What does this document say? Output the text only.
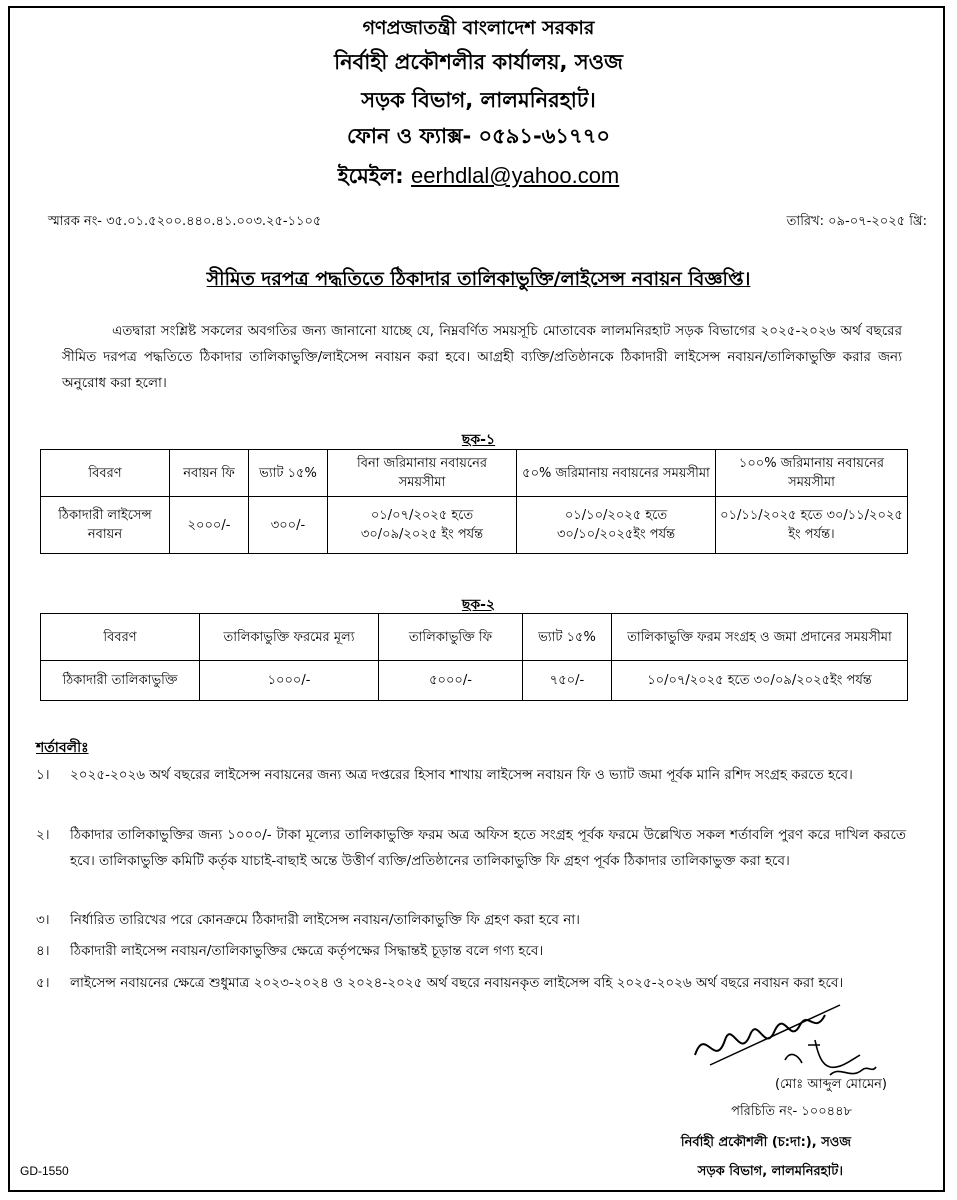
গণপ্রজাতন্ত্রী বাংলাদেশ সরকার
নির্বাহী প্রকৌশলীর কার্যালয়, সওজ
সড়ক বিভাগ, লালমনিরহাট।
ফোন ও ফ্যাক্স- ০৫৯১-৬১৭৭০
ইমেইল: eerhdlal@yahoo.com
স্মারক নং- ৩৫.০১.৫২০০.৪৪০.৪১.০০৩.২৫-১১০৫	তারিখ: ০৯-০৭-২০২৫ খ্রি:
সীমিত দরপত্র পদ্ধতিতে ঠিকাদার তালিকাভুক্তি/লাইসেন্স নবায়ন বিজ্ঞপ্তি।
এতদ্বারা সংশ্লিষ্ট সকলের অবগতির জন্য জানানো যাচ্ছে যে, নিম্নবর্ণিত সময়সূচি মোতাবেক লালমনিরহাট সড়ক বিভাগের ২০২৫-২০২৬ অর্থ বছরের সীমিত দরপত্র পদ্ধতিতে ঠিকাদার তালিকাভুক্তি/লাইসেন্স নবায়ন করা হবে। আগ্রহী ব্যক্তি/প্রতিষ্ঠানকে ঠিকাদারী লাইসেন্স নবায়ন/তালিকাভুক্তি করার জন্য অনুরোধ করা হলো।
ছক-১
বিবরণ	নবায়ন ফি	ভ্যাট ১৫%	বিনা জরিমানায় নবায়নের সময়সীমা	৫০% জরিমানায় নবায়নের সময়সীমা	১০০% জরিমানায় নবায়নের সময়সীমা
ঠিকাদারী লাইসেন্স নবায়ন	২০০০/-	৩০০/-	০১/০৭/২০২৫ হতে ৩০/০৯/২০২৫ ইং পর্যন্ত	০১/১০/২০২৫ হতে ৩০/১০/২০২৫ইং পর্যন্ত	০১/১১/২০২৫ হতে ৩০/১১/২০২৫ ইং পর্যন্ত।
ছক-২
বিবরণ	তালিকাভুক্তি ফরমের মূল্য	তালিকাভুক্তি ফি	ভ্যাট ১৫%	তালিকাভুক্তি ফরম সংগ্রহ ও জমা প্রদানের সময়সীমা
ঠিকাদারী তালিকাভুক্তি	১০০০/-	৫০০০/-	৭৫০/-	১০/০৭/২০২৫ হতে ৩০/০৯/২০২৫ইং পর্যন্ত
শর্তাবলীঃ
১।	২০২৫-২০২৬ অর্থ বছরের লাইসেন্স নবায়নের জন্য অত্র দপ্তরের হিসাব শাখায় লাইসেন্স নবায়ন ফি ও ভ্যাট জমা পূর্বক মানি রশিদ সংগ্রহ করতে হবে।
২।	ঠিকাদার তালিকাভুক্তির জন্য ১০০০/- টাকা মূল্যের তালিকাভুক্তি ফরম অত্র অফিস হতে সংগ্রহ পূর্বক ফরমে উল্লেখিত সকল শর্তাবলি পুরণ করে দাখিল করতে হবে। তালিকাভুক্তি কমিটি কর্তৃক যাচাই-বাছাই অন্তে উত্তীর্ণ ব্যক্তি/প্রতিষ্ঠানের তালিকাভুক্তি ফি গ্রহণ পূর্বক ঠিকাদার তালিকাভুক্ত করা হবে।
৩।	নির্ধারিত তারিখের পরে কোনক্রমে ঠিকাদারী লাইসেন্স নবায়ন/তালিকাভুক্তি ফি গ্রহণ করা হবে না।
৪।	ঠিকাদারী লাইসেন্স নবায়ন/তালিকাভুক্তির ক্ষেত্রে কর্তৃপক্ষের সিদ্ধান্তই চূড়ান্ত বলে গণ্য হবে।
৫।	লাইসেন্স নবায়নের ক্ষেত্রে শুধুমাত্র ২০২৩-২০২৪ ও ২০২৪-২০২৫ অর্থ বছরে নবায়নকৃত লাইসেন্স বহি ২০২৫-২০২৬ অর্থ বছরে নবায়ন করা হবে।
(মোঃ আব্দুল মোমেন)
পরিচিতি নং- ১০০৪৪৮
নির্বাহী প্রকৌশলী (চ:দা:), সওজ
সড়ক বিভাগ, লালমনিরহাট।
GD-1550
